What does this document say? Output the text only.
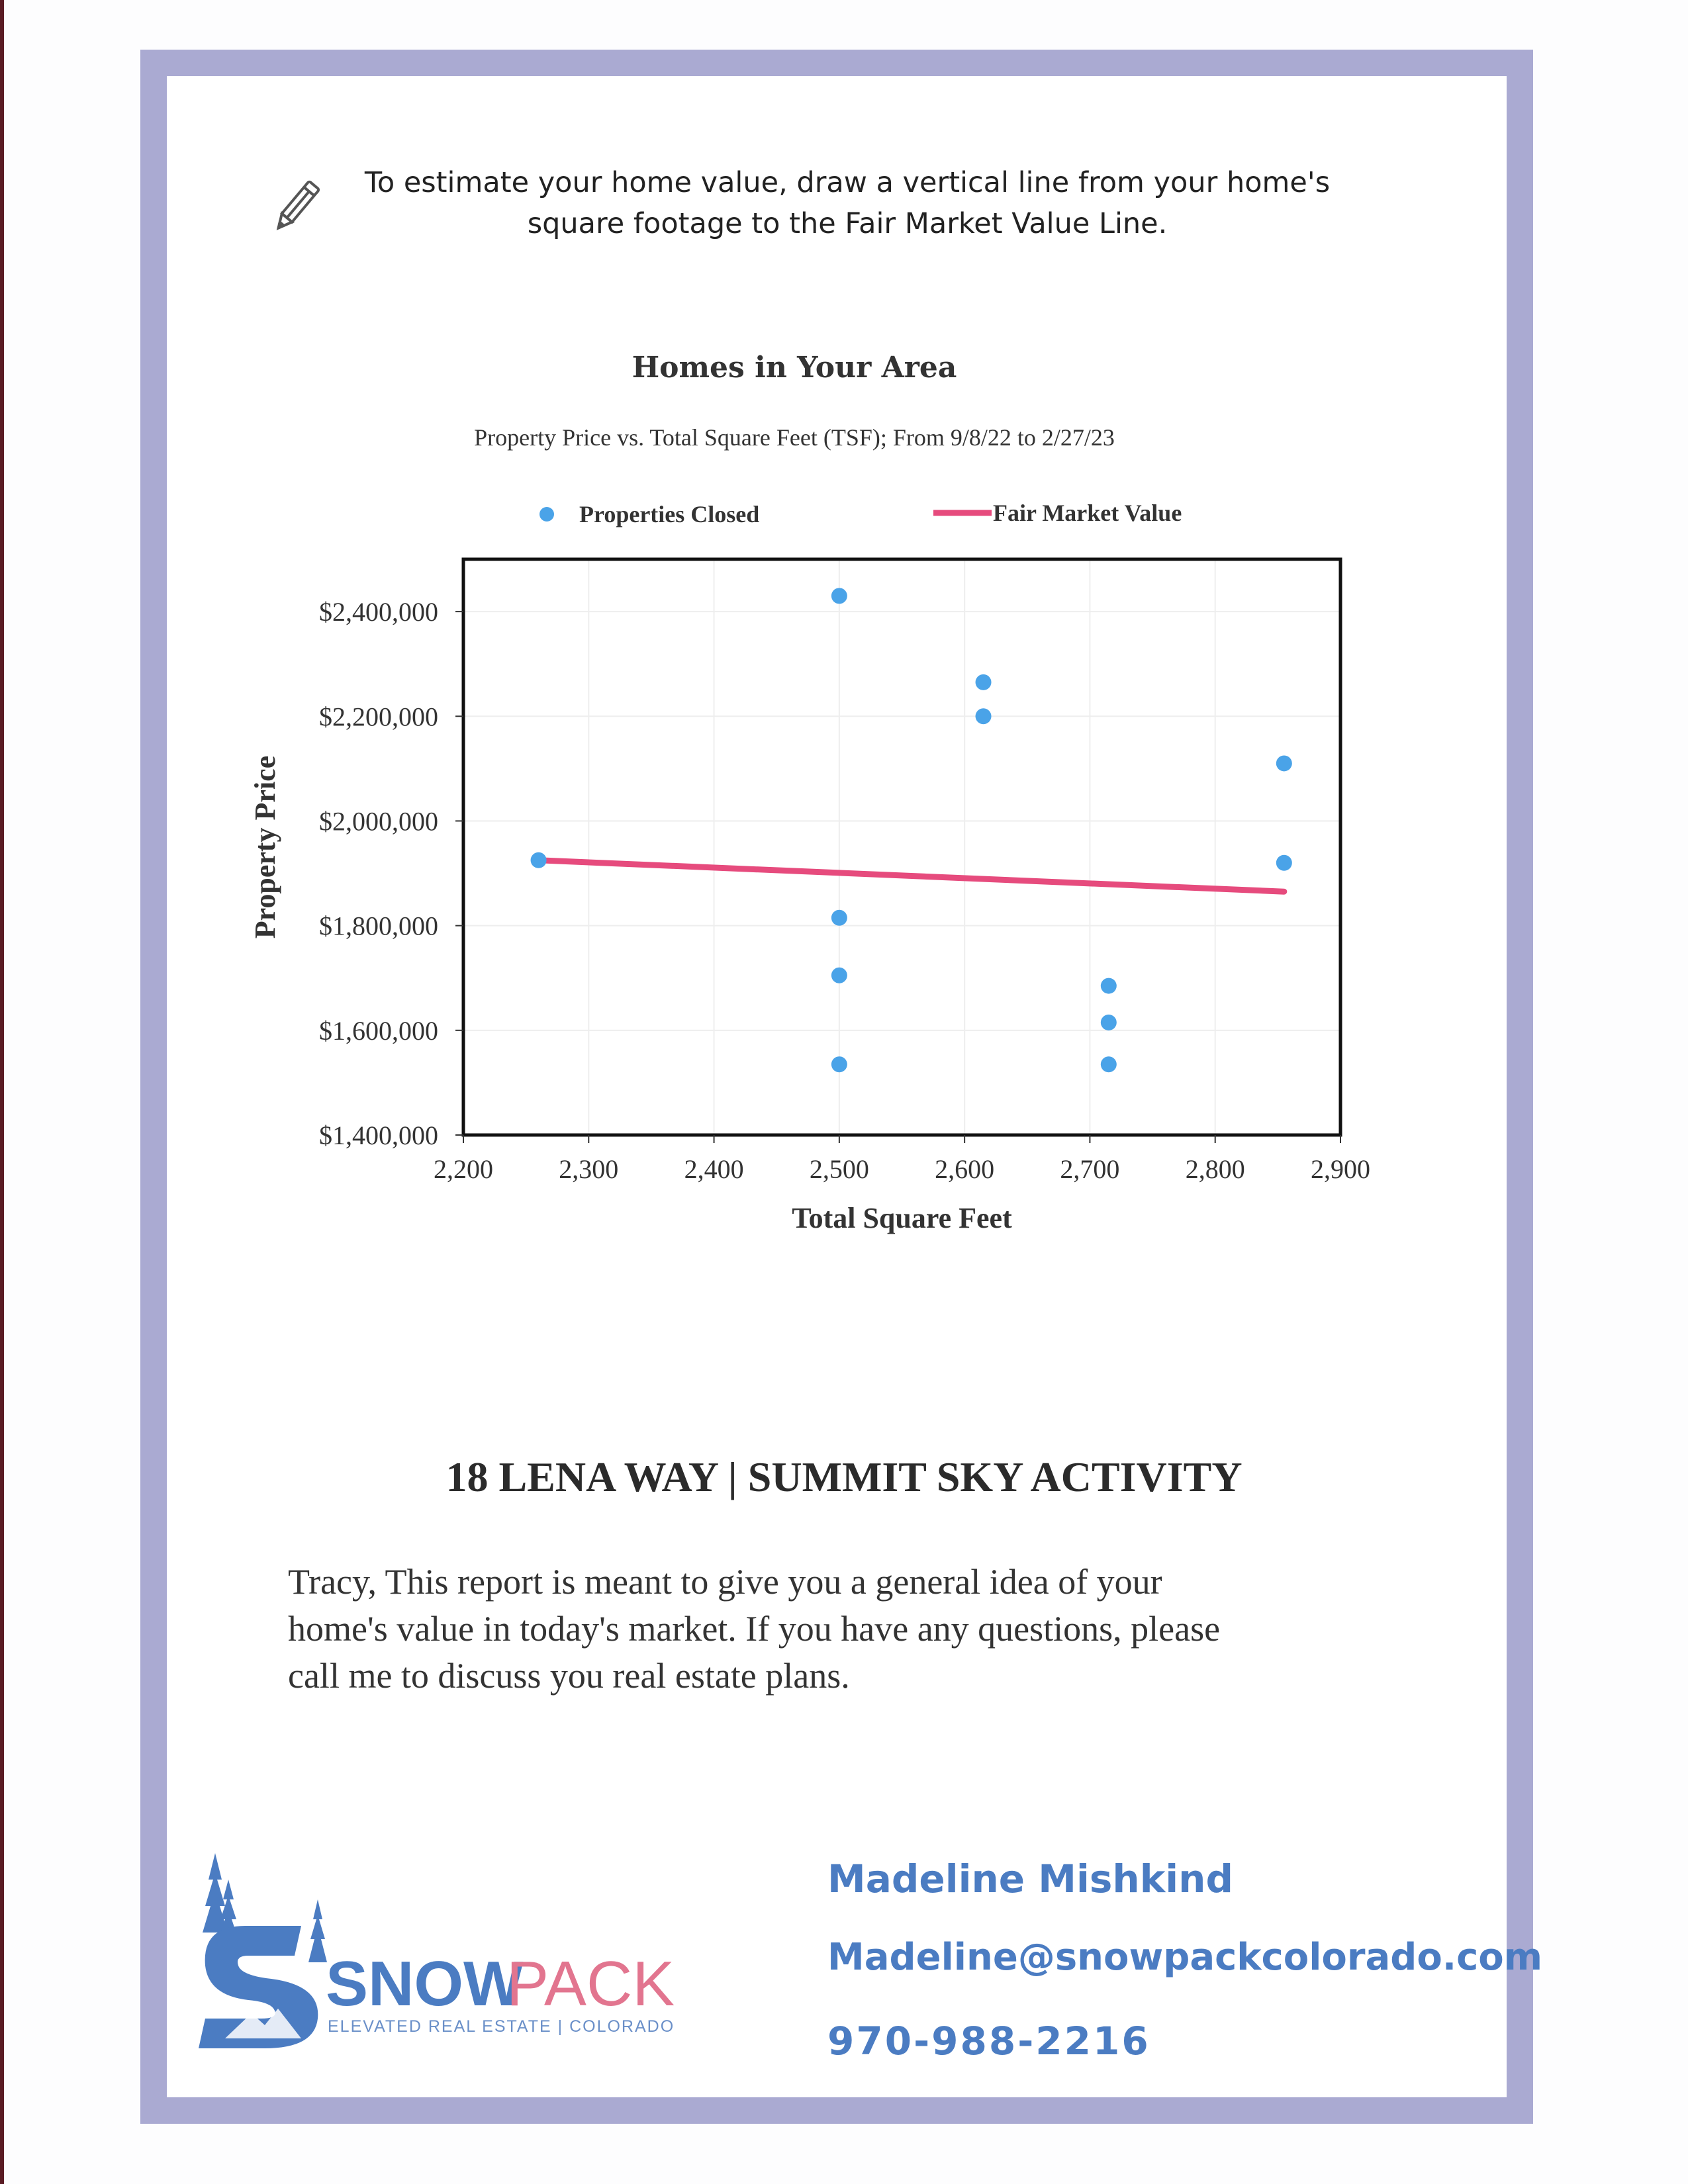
To estimate your home value, draw a vertical line from your home's
square footage to the Fair Market Value Line.
Homes in Your Area
Property Price vs. Total Square Feet (TSF); From 9/8/22 to 2/27/23
Properties Closed	Fair Market Value
2,200 2,300 2,400 2,500 2,600 2,700 2,800 2,900
$1,400,000
$1,600,000
$1,800,000
$2,000,000
$2,200,000
$2,400,000
Total Square Feet
Property Price
18 LENA WAY | SUMMIT SKY ACTIVITY
Tracy, This report is meant to give you a general idea of your
home's value in today's market. If you have any questions, please
call me to discuss you real estate plans.
SNOW
PACK
ELEVATED REAL ESTATE | COLORADO
Madeline Mishkind
Madeline@snowpackcolorado.com
970-988-2216
